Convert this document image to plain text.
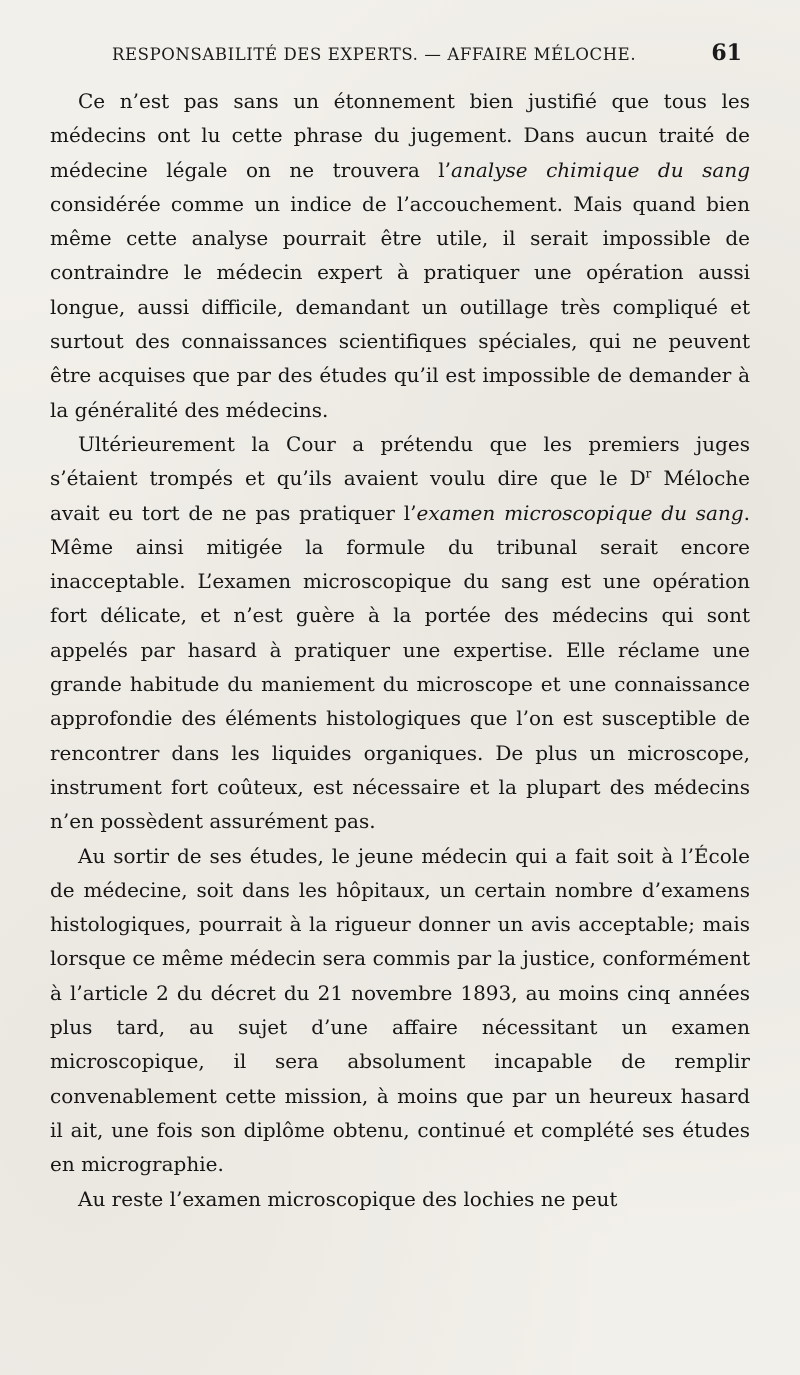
RESPONSABILITÉ DES EXPERTS. — AFFAIRE MÉLOCHE.	61

Ce n’est pas sans un étonnement bien justifié que tous les médecins ont lu cette phrase du jugement. Dans aucun traité de médecine légale on ne trouvera l’analyse chimique du sang considérée comme un indice de l’accouchement. Mais quand bien même cette analyse pourrait être utile, il serait impossible de contraindre le médecin expert à pratiquer une opération aussi longue, aussi difficile, demandant un outillage très compliqué et surtout des connaissances scientifiques spéciales, qui ne peuvent être acquises que par des études qu’il est impossible de demander à la généralité des médecins.

Ultérieurement la Cour a prétendu que les premiers juges s’étaient trompés et qu’ils avaient voulu dire que le $D^r$ Méloche avait eu tort de ne pas pratiquer l’examen microscopique du sang. Même ainsi mitigée la formule du tribunal serait encore inacceptable. L’examen microscopique du sang est une opération fort délicate, et n’est guère à la portée des médecins qui sont appelés par hasard à pratiquer une expertise. Elle réclame une grande habitude du maniement du microscope et une connaissance approfondie des éléments histologiques que l’on est susceptible de rencontrer dans les liquides organiques. De plus un microscope, instrument fort coûteux, est nécessaire et la plupart des médecins n’en possèdent assurément pas.

Au sortir de ses études, le jeune médecin qui a fait soit à l’École de médecine, soit dans les hôpitaux, un certain nombre d’examens histologiques, pourrait à la rigueur donner un avis acceptable; mais lorsque ce même médecin sera commis par la justice, conformément à l’article 2 du décret du 21 novembre 1893, au moins cinq années plus tard, au sujet d’une affaire nécessitant un examen microscopique, il sera absolument incapable de remplir convenablement cette mission, à moins que par un heureux hasard il ait, une fois son diplôme obtenu, continué et complété ses études en micrographie.

Au reste l’examen microscopique des lochies ne peut
